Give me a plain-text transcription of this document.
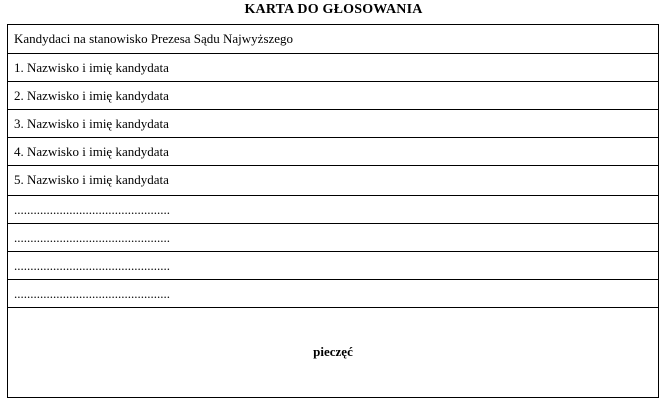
KARTA DO GŁOSOWANIA
Kandydaci na stanowisko Prezesa Sądu Najwyższego
1. Nazwisko i imię kandydata
2. Nazwisko i imię kandydata
3. Nazwisko i imię kandydata
4. Nazwisko i imię kandydata
5. Nazwisko i imię kandydata
................................................
................................................
................................................
................................................
pieczęć
